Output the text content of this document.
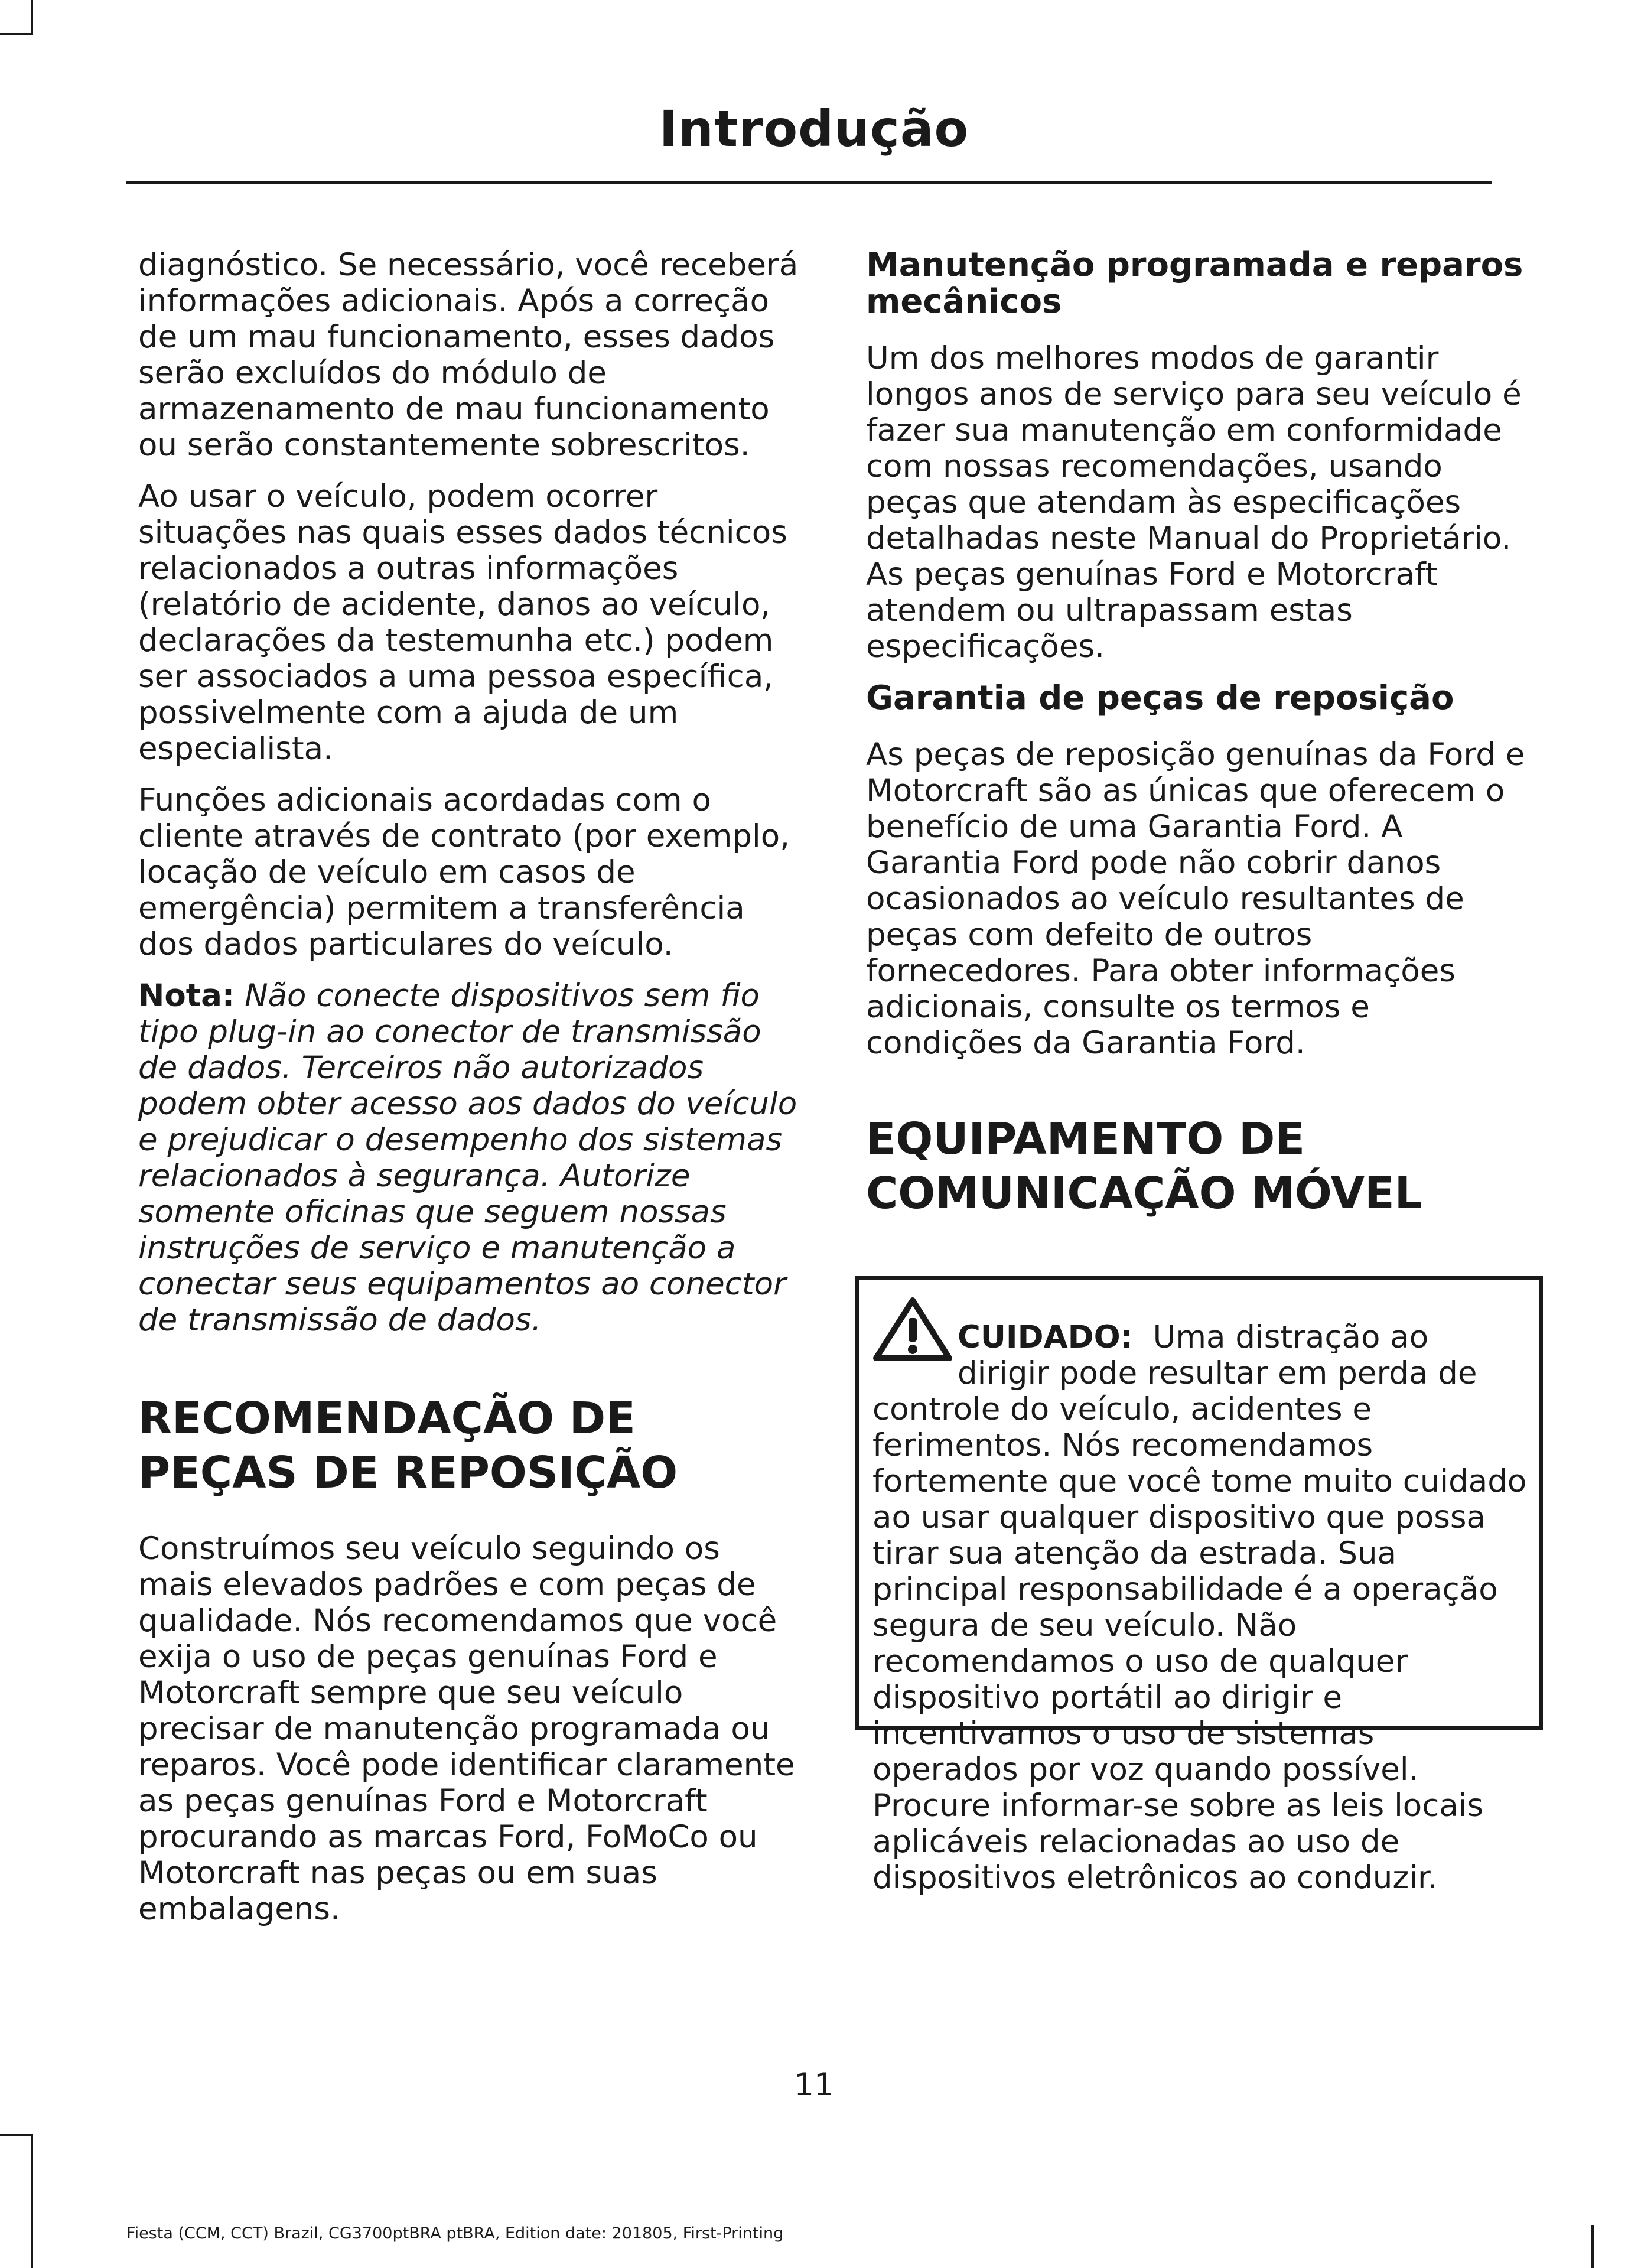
Introdução

diagnóstico. Se necessário, você receberá informações adicionais. Após a correção de um mau funcionamento, esses dados serão excluídos do módulo de armazenamento de mau funcionamento ou serão constantemente sobrescritos.

Ao usar o veículo, podem ocorrer situações nas quais esses dados técnicos relacionados a outras informações (relatório de acidente, danos ao veículo, declarações da testemunha etc.) podem ser associados a uma pessoa específica, possivelmente com a ajuda de um especialista.

Funções adicionais acordadas com o cliente através de contrato (por exemplo, locação de veículo em casos de emergência) permitem a transferência dos dados particulares do veículo.

Nota: Não conecte dispositivos sem fio tipo plug-in ao conector de transmissão de dados. Terceiros não autorizados podem obter acesso aos dados do veículo e prejudicar o desempenho dos sistemas relacionados à segurança. Autorize somente oficinas que seguem nossas instruções de serviço e manutenção a conectar seus equipamentos ao conector de transmissão de dados.

RECOMENDAÇÃO DE PEÇAS DE REPOSIÇÃO

Construímos seu veículo seguindo os mais elevados padrões e com peças de qualidade. Nós recomendamos que você exija o uso de peças genuínas Ford e Motorcraft sempre que seu veículo precisar de manutenção programada ou reparos. Você pode identificar claramente as peças genuínas Ford e Motorcraft procurando as marcas Ford, FoMoCo ou Motorcraft nas peças ou em suas embalagens.

Manutenção programada e reparos mecânicos

Um dos melhores modos de garantir longos anos de serviço para seu veículo é fazer sua manutenção em conformidade com nossas recomendações, usando peças que atendam às especificações detalhadas neste Manual do Proprietário. As peças genuínas Ford e Motorcraft atendem ou ultrapassam estas especificações.

Garantia de peças de reposição

As peças de reposição genuínas da Ford e Motorcraft são as únicas que oferecem o benefício de uma Garantia Ford. A Garantia Ford pode não cobrir danos ocasionados ao veículo resultantes de peças com defeito de outros fornecedores. Para obter informações adicionais, consulte os termos e condições da Garantia Ford.

EQUIPAMENTO DE COMUNICAÇÃO MÓVEL

CUIDADO: Uma distração ao dirigir pode resultar em perda de controle do veículo, acidentes e ferimentos. Nós recomendamos fortemente que você tome muito cuidado ao usar qualquer dispositivo que possa tirar sua atenção da estrada. Sua principal responsabilidade é a operação segura de seu veículo. Não recomendamos o uso de qualquer dispositivo portátil ao dirigir e incentivamos o uso de sistemas operados por voz quando possível. Procure informar-se sobre as leis locais aplicáveis relacionadas ao uso de dispositivos eletrônicos ao conduzir.

11
Fiesta (CCM, CCT) Brazil, CG3700ptBRA ptBRA, Edition date: 201805, First-Printing
